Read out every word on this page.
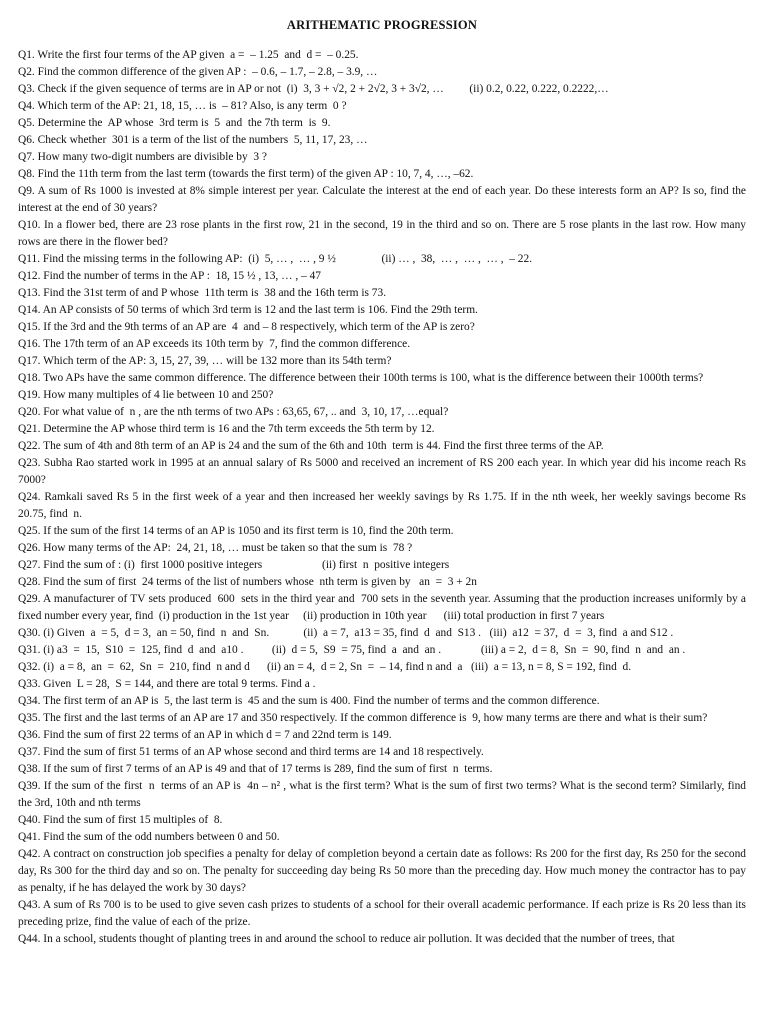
ARITHEMATIC PROGRESSION

Q1. Write the first four terms of the AP given  a =  – 1.25  and  d =  – 0.25.

Q2. Find the common difference of the given AP :  – 0.6, – 1.7, – 2.8, – 3.9, …

Q3. Check if the given sequence of terms are in AP or not  (i)  3, 3 + √2, 2 + 2√2, 3 + 3√2, …         (ii) 0.2, 0.22, 0.222, 0.2222,…

Q4. Which term of the AP: 21, 18, 15, … is  – 81? Also, is any term  0 ?

Q5. Determine the  AP whose  3rd term is  5  and  the 7th term  is  9.

Q6. Check whether  301 is a term of the list of the numbers  5, 11, 17, 23, …

Q7. How many two-digit numbers are divisible by  3 ?

Q8. Find the 11th term from the last term (towards the first term) of the given AP : 10, 7, 4, …, –62.

Q9. A sum of Rs 1000 is invested at 8% simple interest per year. Calculate the interest at the end of each year. Do these interests form an AP? Is so, find the interest at the end of 30 years?

Q10. In a flower bed, there are 23 rose plants in the first row, 21 in the second, 19 in the third and so on. There are 5 rose plants in the last row. How many rows are there in the flower bed?

Q11. Find the missing terms in the following AP:  (i)  5, … ,  … , 9 ½                (ii) … ,  38,  … ,  … ,  … ,  – 22.

Q12. Find the number of terms in the AP :  18, 15 ½ , 13, … , – 47

Q13. Find the 31st term of and P whose  11th term is  38 and the 16th term is 73.

Q14. An AP consists of 50 terms of which 3rd term is 12 and the last term is 106. Find the 29th term.

Q15. If the 3rd and the 9th terms of an AP are  4  and – 8 respectively, which term of the AP is zero?

Q16. The 17th term of an AP exceeds its 10th term by  7, find the common difference.

Q17. Which term of the AP: 3, 15, 27, 39, … will be 132 more than its 54th term?

Q18. Two APs have the same common difference. The difference between their 100th terms is 100, what is the difference between their 1000th terms?

Q19. How many multiples of 4 lie between 10 and 250?

Q20. For what value of  n , are the nth terms of two APs : 63,65, 67, .. and  3, 10, 17, …equal?

Q21. Determine the AP whose third term is 16 and the 7th term exceeds the 5th term by 12.

Q22. The sum of 4th and 8th term of an AP is 24 and the sum of the 6th and 10th  term is 44. Find the first three terms of the AP.

Q23. Subha Rao started work in 1995 at an annual salary of Rs 5000 and received an increment of RS 200 each year. In which year did his income reach Rs 7000?

Q24. Ramkali saved Rs 5 in the first week of a year and then increased her weekly savings by Rs 1.75. If in the nth week, her weekly savings become Rs 20.75, find  n.

Q25. If the sum of the first 14 terms of an AP is 1050 and its first term is 10, find the 20th term.

Q26. How many terms of the AP:  24, 21, 18, … must be taken so that the sum is  78 ?

Q27. Find the sum of : (i)  first 1000 positive integers                     (ii) first  n  positive integers

Q28. Find the sum of first  24 terms of the list of numbers whose  nth term is given by   an  =  3 + 2n

Q29. A manufacturer of TV sets produced  600  sets in the third year and  700 sets in the seventh year. Assuming that the production increases uniformly by a fixed number every year, find  (i) production in the 1st year     (ii) production in 10th year      (iii) total production in first 7 years

Q30. (i) Given  a  = 5,  d = 3,  an = 50, find  n  and  Sn.            (ii)  a = 7,  a13 = 35, find  d  and  S13 .   (iii)  a12  = 37,  d  =  3, find  a and S12 .

Q31. (i) a3  =  15,  S10  =  125, find  d  and  a10 .          (ii)  d = 5,  S9  = 75, find  a  and  an .              (iii) a = 2,  d = 8,  Sn  =  90, find  n  and  an .

Q32. (i)  a = 8,  an  =  62,  Sn  =  210, find  n and d      (ii) an = 4,  d = 2, Sn  =  – 14, find n and  a   (iii)  a = 13, n = 8, S = 192, find  d.

Q33. Given  L = 28,  S = 144, and there are total 9 terms. Find a .

Q34. The first term of an AP is  5, the last term is  45 and the sum is 400. Find the number of terms and the common difference.

Q35. The first and the last terms of an AP are 17 and 350 respectively. If the common difference is  9, how many terms are there and what is their sum?

Q36. Find the sum of first 22 terms of an AP in which d = 7 and 22nd term is 149.

Q37. Find the sum of first 51 terms of an AP whose second and third terms are 14 and 18 respectively.

Q38. If the sum of first 7 terms of an AP is 49 and that of 17 terms is 289, find the sum of first  n  terms.

Q39. If the sum of the first  n  terms of an AP is  4n – n² , what is the first term? What is the sum of first two terms? What is the second term? Similarly, find the 3rd, 10th and nth terms

Q40. Find the sum of first 15 multiples of  8.

Q41. Find the sum of the odd numbers between 0 and 50.

Q42. A contract on construction job specifies a penalty for delay of completion beyond a certain date as follows: Rs 200 for the first day, Rs 250 for the second day, Rs 300 for the third day and so on. The penalty for succeeding day being Rs 50 more than the preceding day. How much money the contractor has to pay as penalty, if he has delayed the work by 30 days?

Q43. A sum of Rs 700 is to be used to give seven cash prizes to students of a school for their overall academic performance. If each prize is Rs 20 less than its preceding prize, find the value of each of the prize.

Q44. In a school, students thought of planting trees in and around the school to reduce air pollution. It was decided that the number of trees, that
